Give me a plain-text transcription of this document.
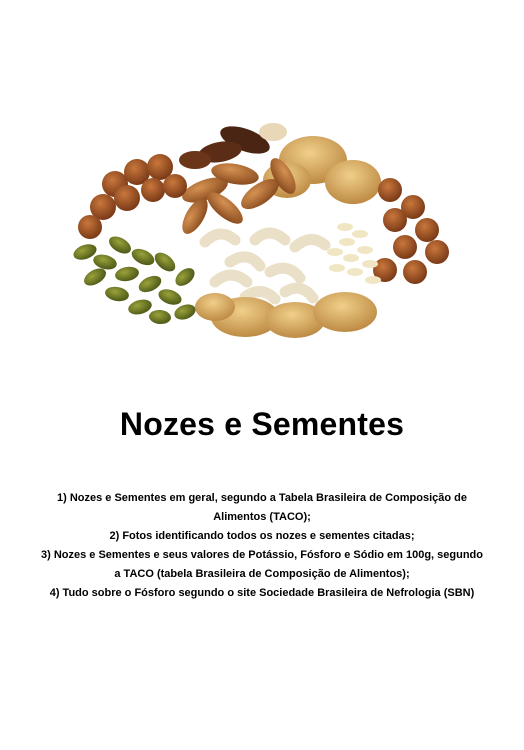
Nozes e Sementes

1) Nozes e Sementes em geral, segundo a Tabela Brasileira de Composição de Alimentos (TACO);

2) Fotos identificando todos os nozes e sementes citadas;

3) Nozes e Sementes e seus valores de Potássio, Fósforo e Sódio em 100g, segundo a TACO (tabela Brasileira de Composição de Alimentos);

4) Tudo sobre o Fósforo segundo o site Sociedade Brasileira de Nefrologia (SBN)
